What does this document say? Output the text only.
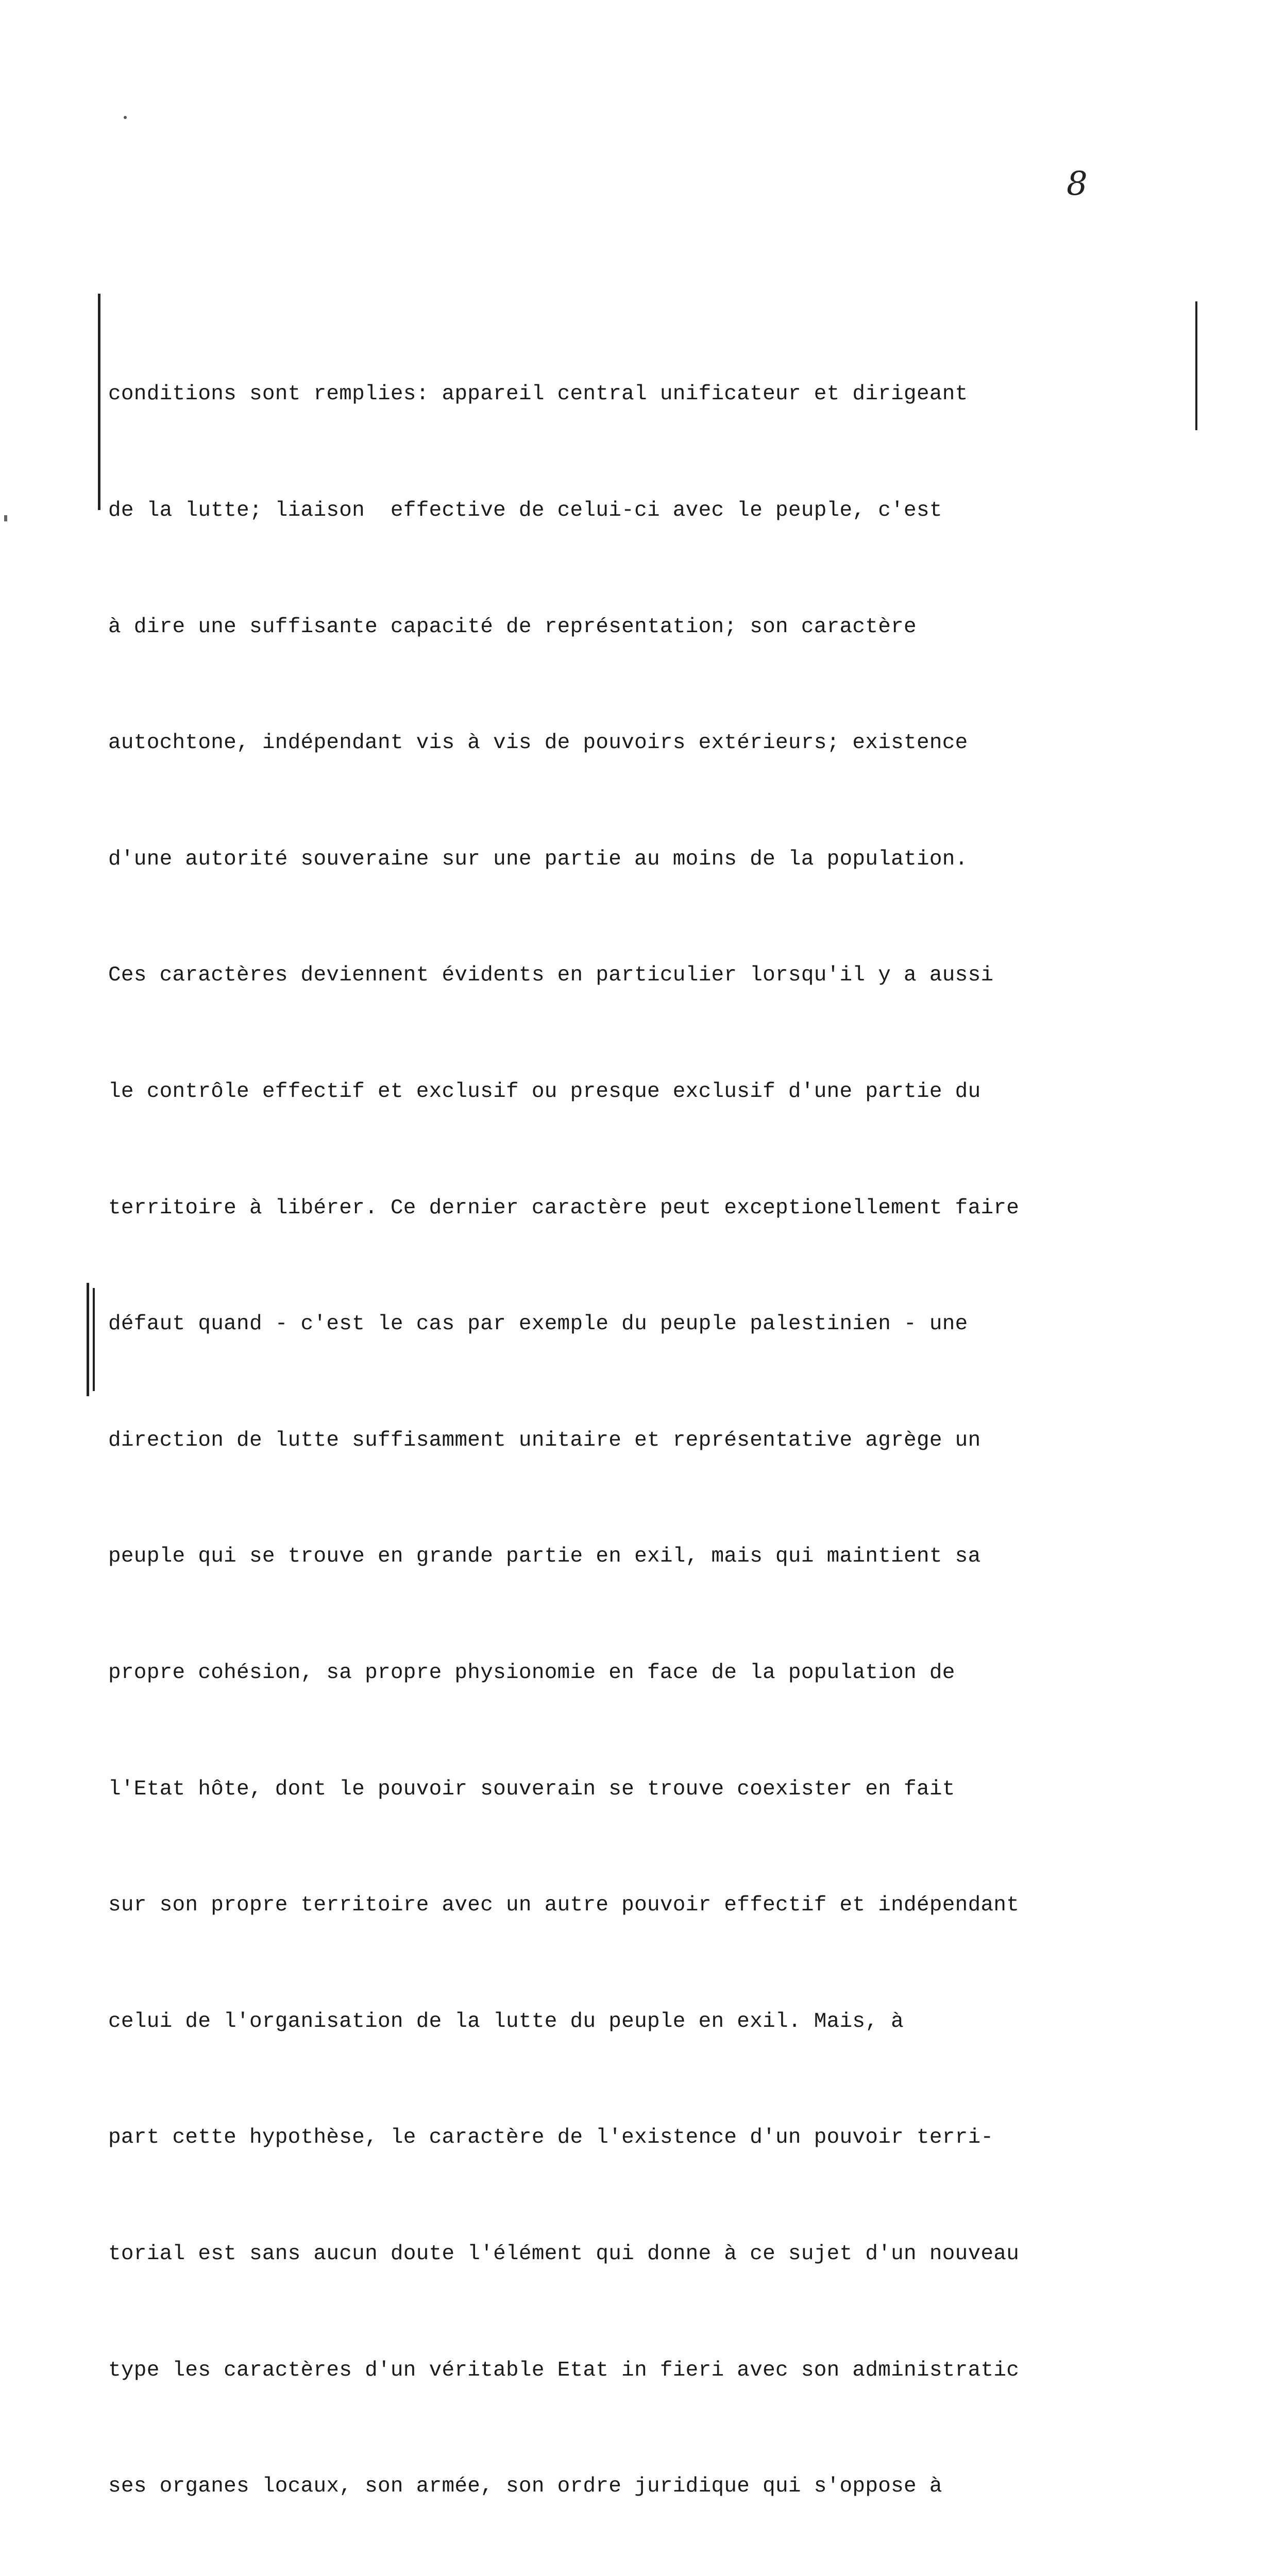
8

conditions sont remplies: appareil central unificateur et dirigeant

de la lutte; liaison  effective de celui-ci avec le peuple, c'est

à dire une suffisante capacité de représentation; son caractère

autochtone, indépendant vis à vis de pouvoirs extérieurs; existence

d'une autorité souveraine sur une partie au moins de la population.

Ces caractères deviennent évidents en particulier lorsqu'il y a aussi

le contrôle effectif et exclusif ou presque exclusif d'une partie du

territoire à libérer. Ce dernier caractère peut exceptionellement faire

défaut quand - c'est le cas par exemple du peuple palestinien - une

direction de lutte suffisamment unitaire et représentative agrège un

peuple qui se trouve en grande partie en exil, mais qui maintient sa

propre cohésion, sa propre physionomie en face de la population de

l'Etat hôte, dont le pouvoir souverain se trouve coexister en fait

sur son propre territoire avec un autre pouvoir effectif et indépendant

celui de l'organisation de la lutte du peuple en exil. Mais, à

part cette hypothèse, le caractère de l'existence d'un pouvoir terri-

torial est sans aucun doute l'élément qui donne à ce sujet d'un nouveau

type les caractères d'un véritable Etat in fieri avec son administratic

ses organes locaux, son armée, son ordre juridique qui s'oppose à
